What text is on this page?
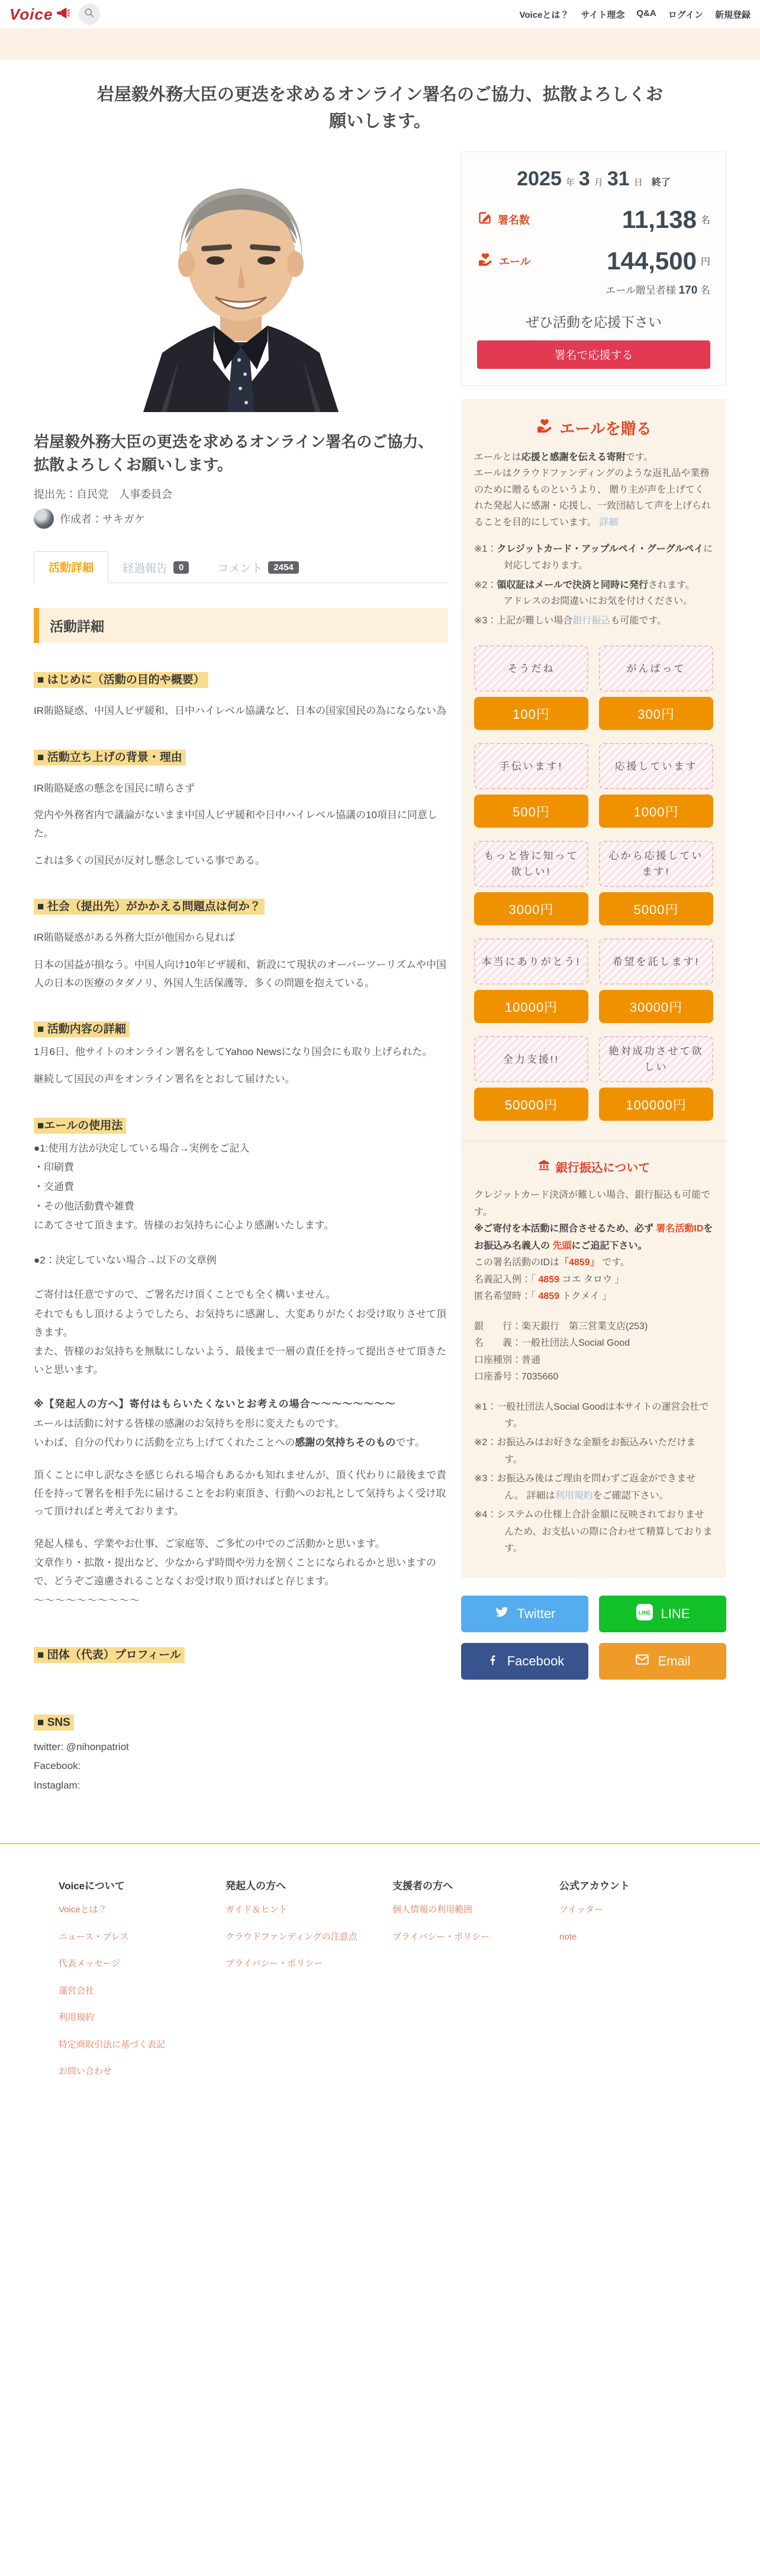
Voice	Voiceとは？ サイト理念 Q&A ログイン 新規登録
岩屋毅外務大臣の更迭を求めるオンライン署名のご協力、拡散よろしくお願いします。
岩屋毅外務大臣の更迭を求めるオンライン署名のご協力、拡散よろしくお願いします。
提出先：自民党　人事委員会
作成者：サキガケ
活動詳細	経過報告	0	コメント	2454
活動詳細
■ はじめに（活動の目的や概要）

IR賄賂疑惑、中国人ビザ緩和、日中ハイレベル協議など、日本の国家国民の為にならない為

■ 活動立ち上げの背景・理由

IR賄賂疑惑の懸念を国民に晴らさず

党内や外務省内で議論がないまま中国人ビザ緩和や日中ハイレベル協議の10項目に同意した。

これは多くの国民が反対し懸念している事である。

■ 社会（提出先）がかかえる問題点は何か？

IR賄賂疑惑がある外務大臣が他国から見れば

日本の国益が損なう。中国人向け10年ビザ緩和、新設にて現状のオーバーツーリズムや中国人の日本の医療のタダノリ、外国人生活保護等、多くの問題を抱えている。

■ 活動内容の詳細

1月6日、他サイトのオンライン署名をしてYahoo Newsになり国会にも取り上げられた。

継続して国民の声をオンライン署名をとおして届けたい。

■エールの使用法

●1:使用方法が決定している場合→実例をご記入

・印刷費

・交通費

・その他活動費や雑費

にあてさせて頂きます。皆様のお気持ちに心より感謝いたします。

●2：決定していない場合→以下の文章例

ご寄付は任意ですので、ご署名だけ頂くことでも全く構いません。

それでももし頂けるようでしたら、お気持ちに感謝し、大変ありがたくお受け取りさせて頂きます。

また、皆様のお気持ちを無駄にしないよう、最後まで一層の責任を持って提出させて頂きたいと思います。

※【発起人の方へ】寄付はもらいたくないとお考えの場合～～～～～～～～

エールは活動に対する皆様の感謝のお気持ちを形に変えたものです。

いわば、自分の代わりに活動を立ち上げてくれたことへの感謝の気持ちそのものです。

頂くことに申し訳なさを感じられる場合もあるかも知れませんが、頂く代わりに最後まで責任を持って署名を相手先に届けることをお約束頂き、行動へのお礼として気持ちよく受け取って頂ければと考えております。

発起人様も、学業やお仕事、ご家庭等、ご多忙の中でのご活動かと思います。

文章作り・拡散・提出など、少なからず時間や労力を割くことになられるかと思いますので、どうぞご遠慮されることなくお受け取り頂ければと存じます。

～～～～～～～～～～

■ 団体（代表）プロフィール
■ SNS

twitter: @nihonpatriot

Facebook:

Instaglam:

2025 年 3 月 31 日 終了
署名数	11,138 名
エール	144,500 円
エール贈呈者様 170 名
ぜひ活動を応援下さい
署名で応援する
エールを贈る

エールとは応援と感謝を伝える寄附です。
エールはクラウドファンディングのような返礼品や業務のために贈るものというより、 贈り主が声を上げてくれた発起人に感謝・応援し、一致団結して声を上げられることを目的にしています。 詳細

※1：クレジットカード・アップルペイ・グーグルペイに対応しております。

※2：領収証はメールで決済と同時に発行されます。
アドレスのお間違いにお気を付けください。

※3：上記が難しい場合銀行振込も可能です。

そうだね
100円
がんばって
300円
手伝います!
500円
応援しています
1000円
もっと皆に知って欲しい!
3000円
心から応援しています!
5000円
本当にありがとう!
10000円
希望を託します!
30000円
全力支援!!
50000円
絶対成功させて欲しい
100000円
銀行振込について

クレジットカード決済が難しい場合、銀行振込も可能です。

※ご寄付を本活動に照合させるため、必ず 署名活動IDをお振込み名義人の 先頭にご追記下さい。

この署名活動のIDは「4859」 です。

名義記入例：「 4859 コエ タロウ 」

匿名希望時：「 4859 トクメイ 」

銀　　行：楽天銀行　第三営業支店(253)

名　　義：一般社団法人Social Good

口座種別：普通

口座番号：7035660

※1：一般社団法人Social Goodは本サイトの運営会社です。

※2：お振込みはお好きな金額をお振込みいただけます。

※3：お振込み後はご理由を問わずご返金ができません。 詳細は利用規約をご確認下さい。

※4：システムの仕様上合計金額に反映されておりませんため、お支払いの際に合わせて精算しております。

Twitter	LINE LINE
Facebook	Email
Voiceについて
Voiceとは？
ニュース・プレス
代表メッセージ
運営会社
利用規約
特定商取引法に基づく表記
お問い合わせ
発起人の方へ
ガイド＆ヒント
クラウドファンディングの注意点
プライバシー・ポリシー
支援者の方へ
個人情報の利用範囲
プライバシー・ポリシー
公式アカウント
ツイッター
note
